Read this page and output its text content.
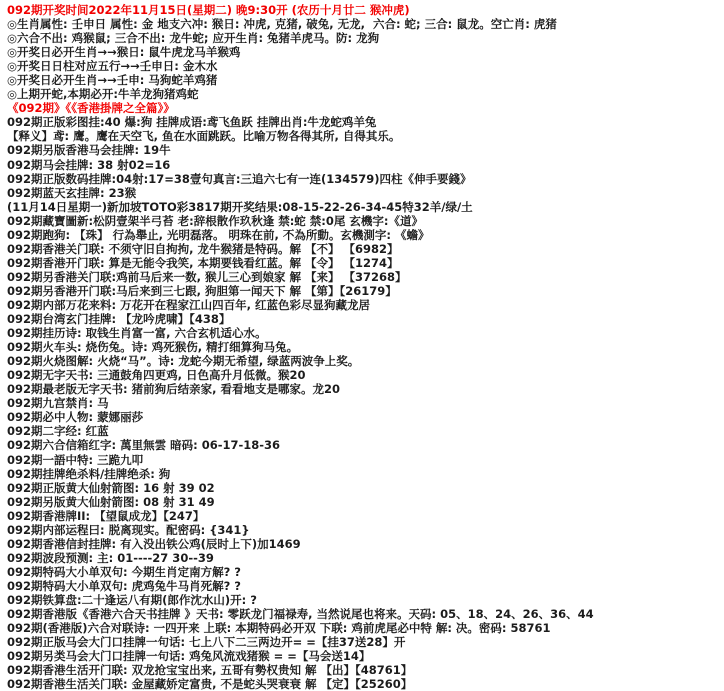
092期开奖时间2022年11月15日(星期二) 晚9:30开 (农历十月廿二 猴冲虎)
◎生肖属性: 壬申日 属性: 金 地支六冲: 猴日: 冲虎, 克猪, 破兔, 无龙,  六合: 蛇; 三合: 鼠龙。空亡肖: 虎猪
◎六合不出: 鸡猴鼠; 三合不出: 龙牛蛇; 应开生肖: 兔猪羊虎马。防: 龙狗
◎开奖日必开生肖→→猴日: 鼠牛虎龙马羊猴鸡
◎开奖日日柱对应五行→→壬申日: 金木水
◎开奖日必开生肖→→壬申: 马狗蛇羊鸡猪
◎上期开蛇,本期必开:牛羊龙狗猪鸡蛇
《092期》《《香港掛牌之全篇》》
092期正版彩图挂:40 爆:狗 挂牌成语:鸢飞鱼跃 挂牌出肖:牛龙蛇鸡羊兔
【释义】鸢: 鹰。鹰在天空飞, 鱼在水面跳跃。比喻万物各得其所, 自得其乐。
092期另版香港马会挂牌: 19牛
092期马会挂牌: 38 射02=16
092期正版数码挂牌:04射:17=38壹句真言:三追六七有一连(134579)四柱《伸手要錢》
092期蓝天玄挂牌: 23猴
(11月14日星期一)新加坡TOTO彩3817期开奖结果:08-15-22-26-34-45特32羊/绿/土
092期藏寶圖新:松阴壹架半弓苔 老:辞根散作玖秋逢 禁:蛇 禁:0尾 玄機字:《道》
092期跑狗: 【珠】 行為舉止, 光明磊落。 明珠在前, 不為所動。玄機測字: 《蟾》
092期香港关门联: 不须守旧自拘拘, 龙牛猴猪是特码。解 【不】 【6982】
092期香港开门联: 算是无能令我笑, 本期要钱看红蓝。解 【令】 【1274】
092期另香港关门联:鸡前马后来一数, 猴儿三心到娘家 解 【来】 【37268】
092期另香港开门联:马后来到三七跟, 狗胆第一闻天下 解 【第】【26179】
092期内部万花来料: 万花开在程家江山四百年, 红蓝色彩尽显狗藏龙居
092期台湾玄门挂牌: 【龙吟虎啸】【438】
092期挂历诗: 取钱生肖富一富, 六合玄机适心水。
092期火车头: 烧伤兔。诗: 鸡死猴伤, 精打细算狗马兔。
092期火烧图解: 火烧“马”。诗: 龙蛇今期无希望, 绿蓝两波争上奖。
092期无字天书: 三通鼓角四更鸡, 日色高升月低微。猴20
092期最老版无字天书: 猪前狗后结亲家, 看看地支是哪家。龙20
092期九宫禁肖: 马
092期必中人物: 蒙娜丽莎
092期二字经: 红蓝
092期六合信箱红字: 萬里無雲 暗码: 06-17-18-36
092期一語中特: 三跪九叩
092期挂牌绝杀料/挂牌绝杀: 狗
092期正版黄大仙射箭图: 16 射 39 02
092期另版黄大仙射箭图: 08 射 31 49
092期香港牌II: 【望鼠成龙】【247】
092期内部运程曰: 脱离现实。配密码: {341}
092期香港信封挂牌: 有入没出铁公鸡(辰时上下)加1469
092期波段预测: 主: 01----27 30--39
092期特码大小单双句: 今期生肖定南方解? ?
092期特码大小单双句: 虎鸡兔牛马肖死解? ?
092期铁算盘:二十逢运八有期(郎作沈水山)开: ?
092期香港版《香港六合天书挂牌 》天书: 零跃龙门福禄寿, 当然说尾也将来。天码: 05、18、24、26、36、44
092期(香港版)六合对联诗: 一四开来 上联: 本期特码必开双 下联: 鸡前虎尾必中特 解: 决。密码: 58761
092期正版马会大门口挂牌一句话: 七上八下二三两边开= =【挂37送28】开
092期另类马会大门口挂牌一句话: 鸡兔风流戏猪猴 = =【马会送14】
092期香港生活开门联: 双龙抢宝宝出来, 五哥有勢权贵知 解 【出】【48761】
092期香港生活关门联: 金屋藏娇定富贵, 不是蛇头哭衰衰 解 【定】【25260】
